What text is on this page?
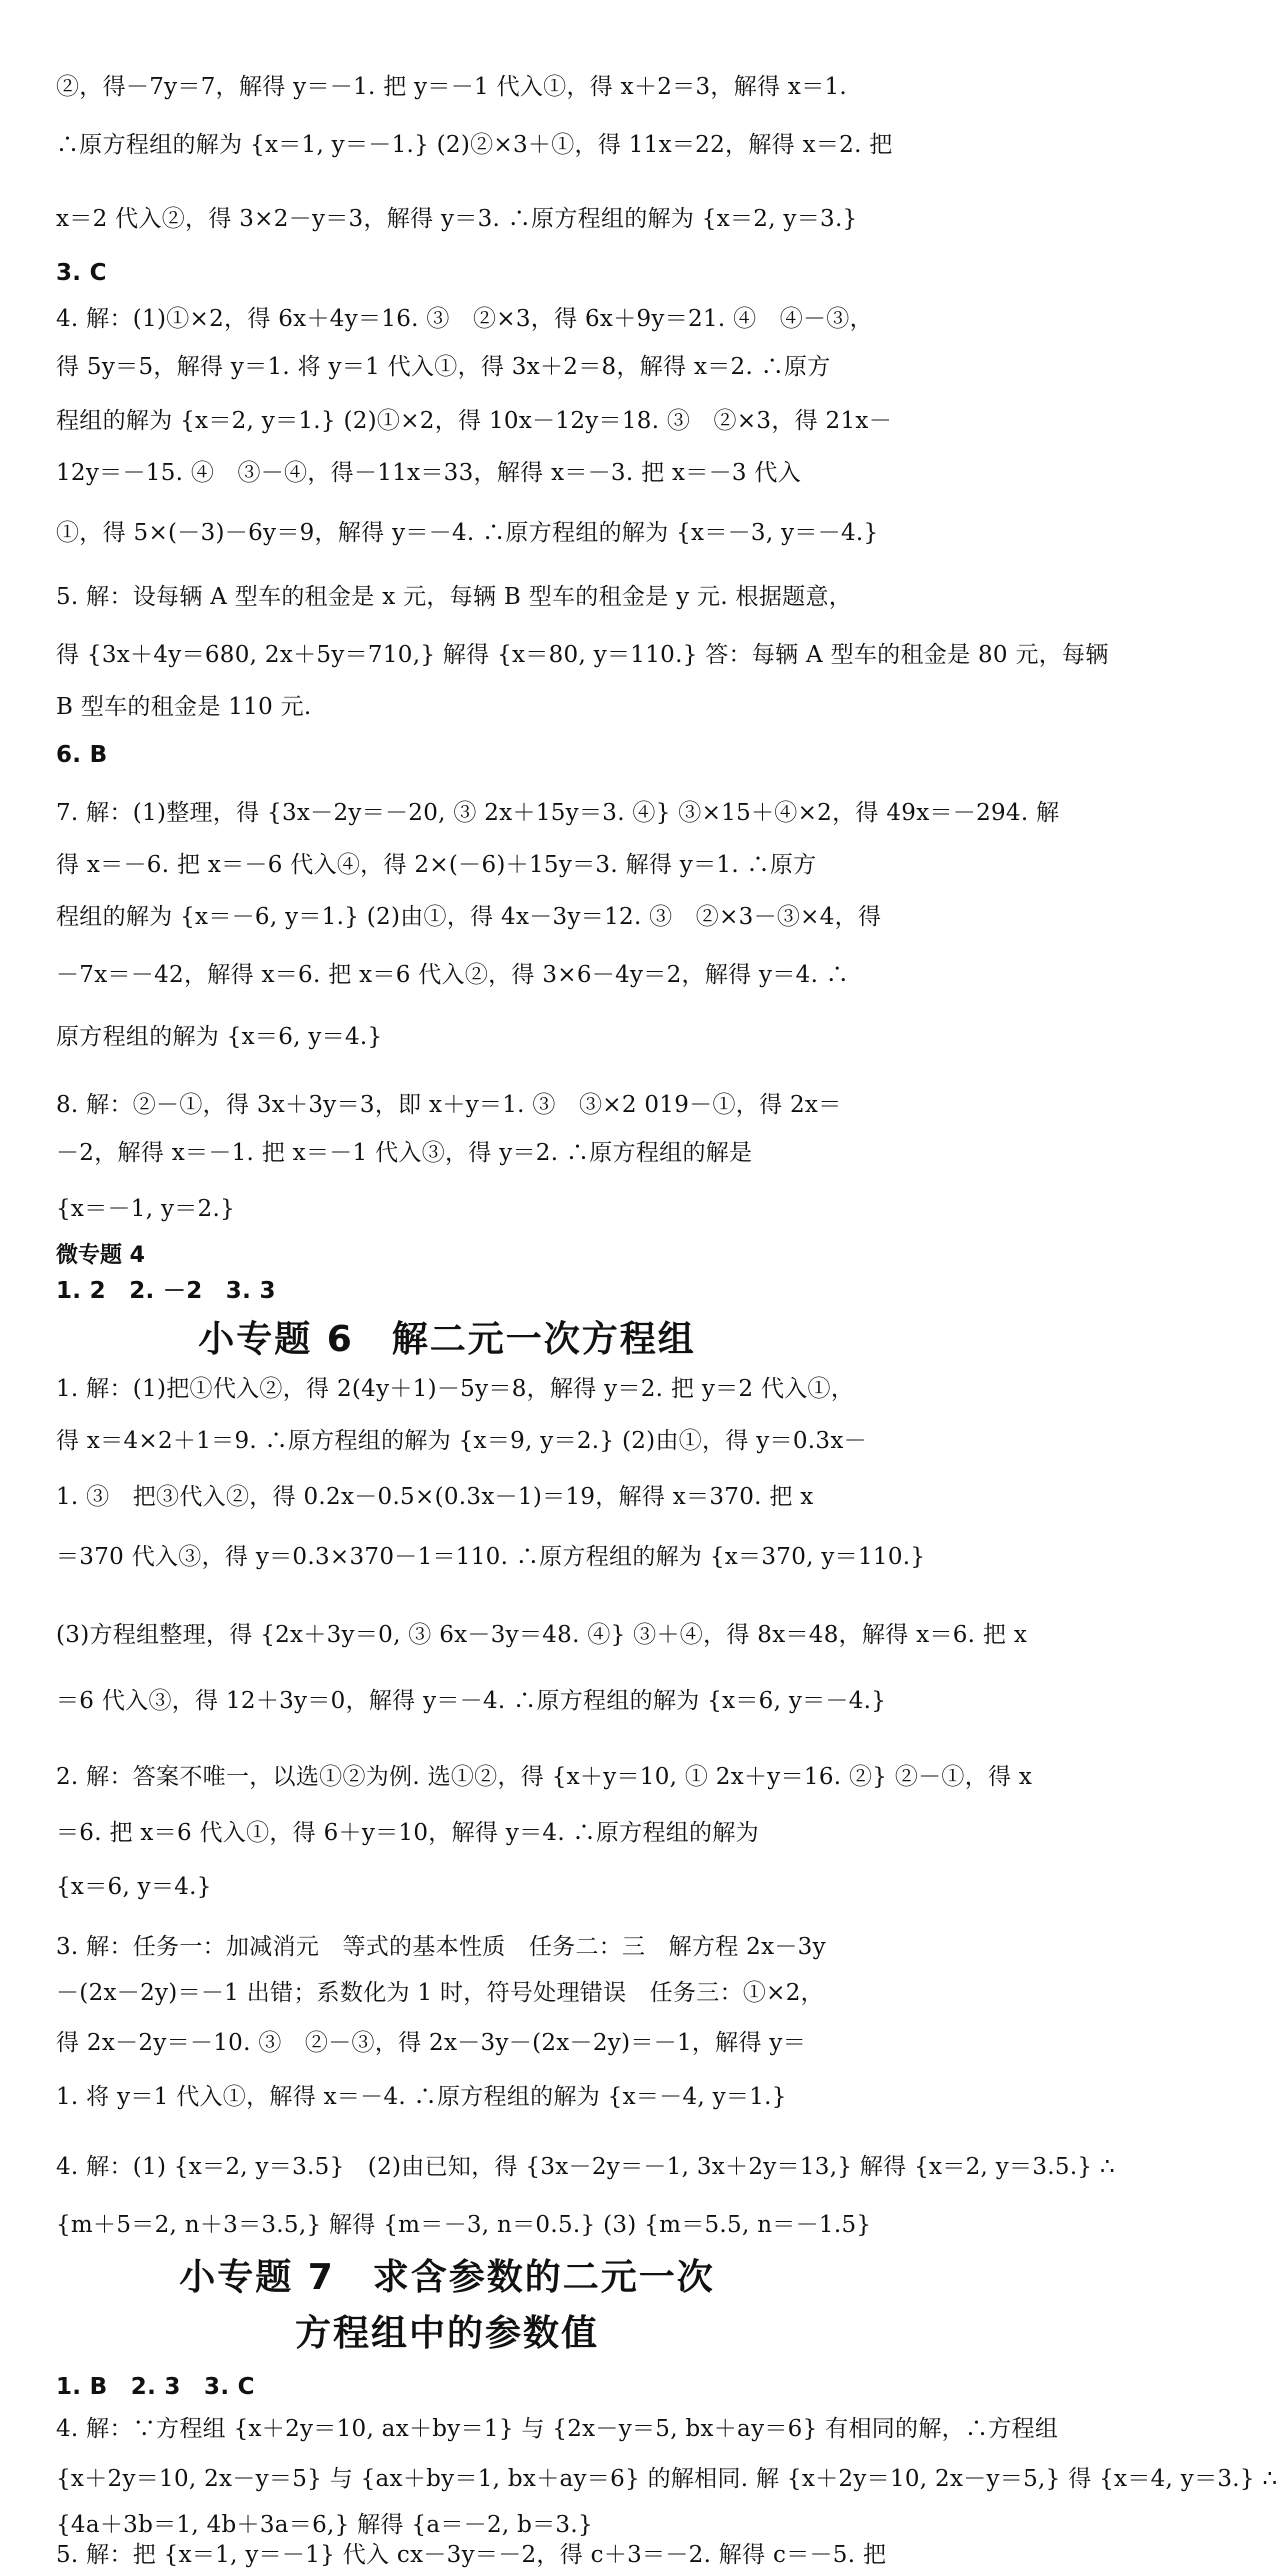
②，得－7y＝7，解得 y＝－1. 把 y＝－1 代入①，得 x＋2＝3，解得 x＝1.
∴原方程组的解为 {x＝1, y＝－1.} (2)②×3＋①，得 11x＝22，解得 x＝2. 把
x＝2 代入②，得 3×2－y＝3，解得 y＝3. ∴原方程组的解为 {x＝2, y＝3.}
3. C
4. 解：(1)①×2，得 6x＋4y＝16. ③　②×3，得 6x＋9y＝21. ④　④－③，
得 5y＝5，解得 y＝1. 将 y＝1 代入①，得 3x＋2＝8，解得 x＝2. ∴原方
程组的解为 {x＝2, y＝1.} (2)①×2，得 10x－12y＝18. ③　②×3，得 21x－
12y＝－15. ④　③－④，得－11x＝33，解得 x＝－3. 把 x＝－3 代入
①，得 5×(－3)－6y＝9，解得 y＝－4. ∴原方程组的解为 {x＝－3, y＝－4.}
5. 解：设每辆 A 型车的租金是 x 元，每辆 B 型车的租金是 y 元. 根据题意，
得 {3x＋4y＝680, 2x＋5y＝710,} 解得 {x＝80, y＝110.} 答：每辆 A 型车的租金是 80 元，每辆
B 型车的租金是 110 元.
6. B
7. 解：(1)整理，得 {3x－2y＝－20, ③ 2x＋15y＝3. ④} ③×15＋④×2，得 49x＝－294. 解
得 x＝－6. 把 x＝－6 代入④，得 2×(－6)＋15y＝3. 解得 y＝1. ∴原方
程组的解为 {x＝－6, y＝1.} (2)由①，得 4x－3y＝12. ③　②×3－③×4，得
－7x＝－42，解得 x＝6. 把 x＝6 代入②，得 3×6－4y＝2，解得 y＝4. ∴
原方程组的解为 {x＝6, y＝4.}
8. 解：②－①，得 3x＋3y＝3，即 x＋y＝1. ③　③×2 019－①，得 2x＝
－2，解得 x＝－1. 把 x＝－1 代入③，得 y＝2. ∴原方程组的解是
{x＝－1, y＝2.}
微专题 4
1. 2　2. －2　3. 3
小专题 6　解二元一次方程组
1. 解：(1)把①代入②，得 2(4y＋1)－5y＝8，解得 y＝2. 把 y＝2 代入①，
得 x＝4×2＋1＝9. ∴原方程组的解为 {x＝9, y＝2.} (2)由①，得 y＝0.3x－
1. ③　把③代入②，得 0.2x－0.5×(0.3x－1)＝19，解得 x＝370. 把 x
＝370 代入③，得 y＝0.3×370－1＝110. ∴原方程组的解为 {x＝370, y＝110.}
(3)方程组整理，得 {2x＋3y＝0, ③ 6x－3y＝48. ④} ③＋④，得 8x＝48，解得 x＝6. 把 x
＝6 代入③，得 12＋3y＝0，解得 y＝－4. ∴原方程组的解为 {x＝6, y＝－4.}
2. 解：答案不唯一，以选①②为例. 选①②，得 {x＋y＝10, ① 2x＋y＝16. ②} ②－①，得 x
＝6. 把 x＝6 代入①，得 6＋y＝10，解得 y＝4. ∴原方程组的解为
{x＝6, y＝4.}
3. 解：任务一：加减消元　等式的基本性质　任务二：三　解方程 2x－3y
－(2x－2y)＝－1 出错；系数化为 1 时，符号处理错误　任务三：①×2，
得 2x－2y＝－10. ③　②－③，得 2x－3y－(2x－2y)＝－1，解得 y＝
1. 将 y＝1 代入①，解得 x＝－4. ∴原方程组的解为 {x＝－4, y＝1.}
4. 解：(1) {x＝2, y＝3.5}　(2)由已知，得 {3x－2y＝－1, 3x＋2y＝13,} 解得 {x＝2, y＝3.5.} ∴
{m＋5＝2, n＋3＝3.5,} 解得 {m＝－3, n＝0.5.} (3) {m＝5.5, n＝－1.5}
小专题 7　求含参数的二元一次
方程组中的参数值
1. B　2. 3　3. C
4. 解：∵方程组 {x＋2y＝10, ax＋by＝1} 与 {2x－y＝5, bx＋ay＝6} 有相同的解，∴方程组
{x＋2y＝10, 2x－y＝5} 与 {ax＋by＝1, bx＋ay＝6} 的解相同. 解 {x＋2y＝10, 2x－y＝5,} 得 {x＝4, y＝3.} ∴
{4a＋3b＝1, 4b＋3a＝6,} 解得 {a＝－2, b＝3.}
5. 解：把 {x＝1, y＝－1} 代入 cx－3y＝－2，得 c＋3＝－2. 解得 c＝－5. 把
